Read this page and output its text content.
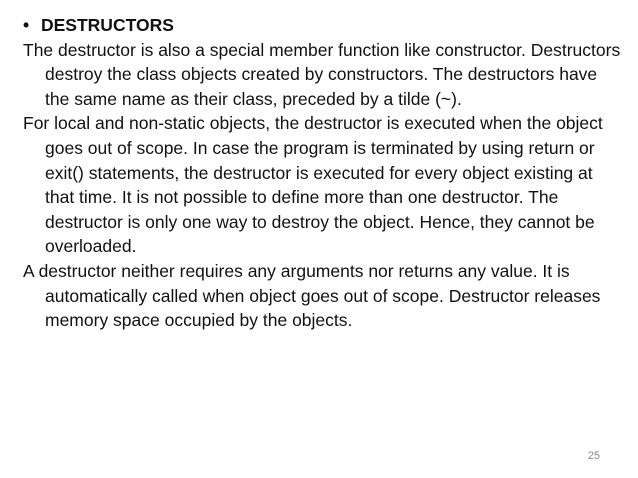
• DESTRUCTORS

The destructor is also a special member function like constructor. Destructors destroy the class objects created by constructors. The destructors have the same name as their class, preceded by a tilde (~).

For local and non-static objects, the destructor is executed when the object goes out of scope. In case the program is terminated by using return or exit() statements, the destructor is executed for every object existing at that time. It is not possible to define more than one destructor. The destructor is only one way to destroy the object. Hence, they cannot be overloaded.

A destructor neither requires any arguments nor returns any value. It is automatically called when object goes out of scope. Destructor releases memory space occupied by the objects.

25
